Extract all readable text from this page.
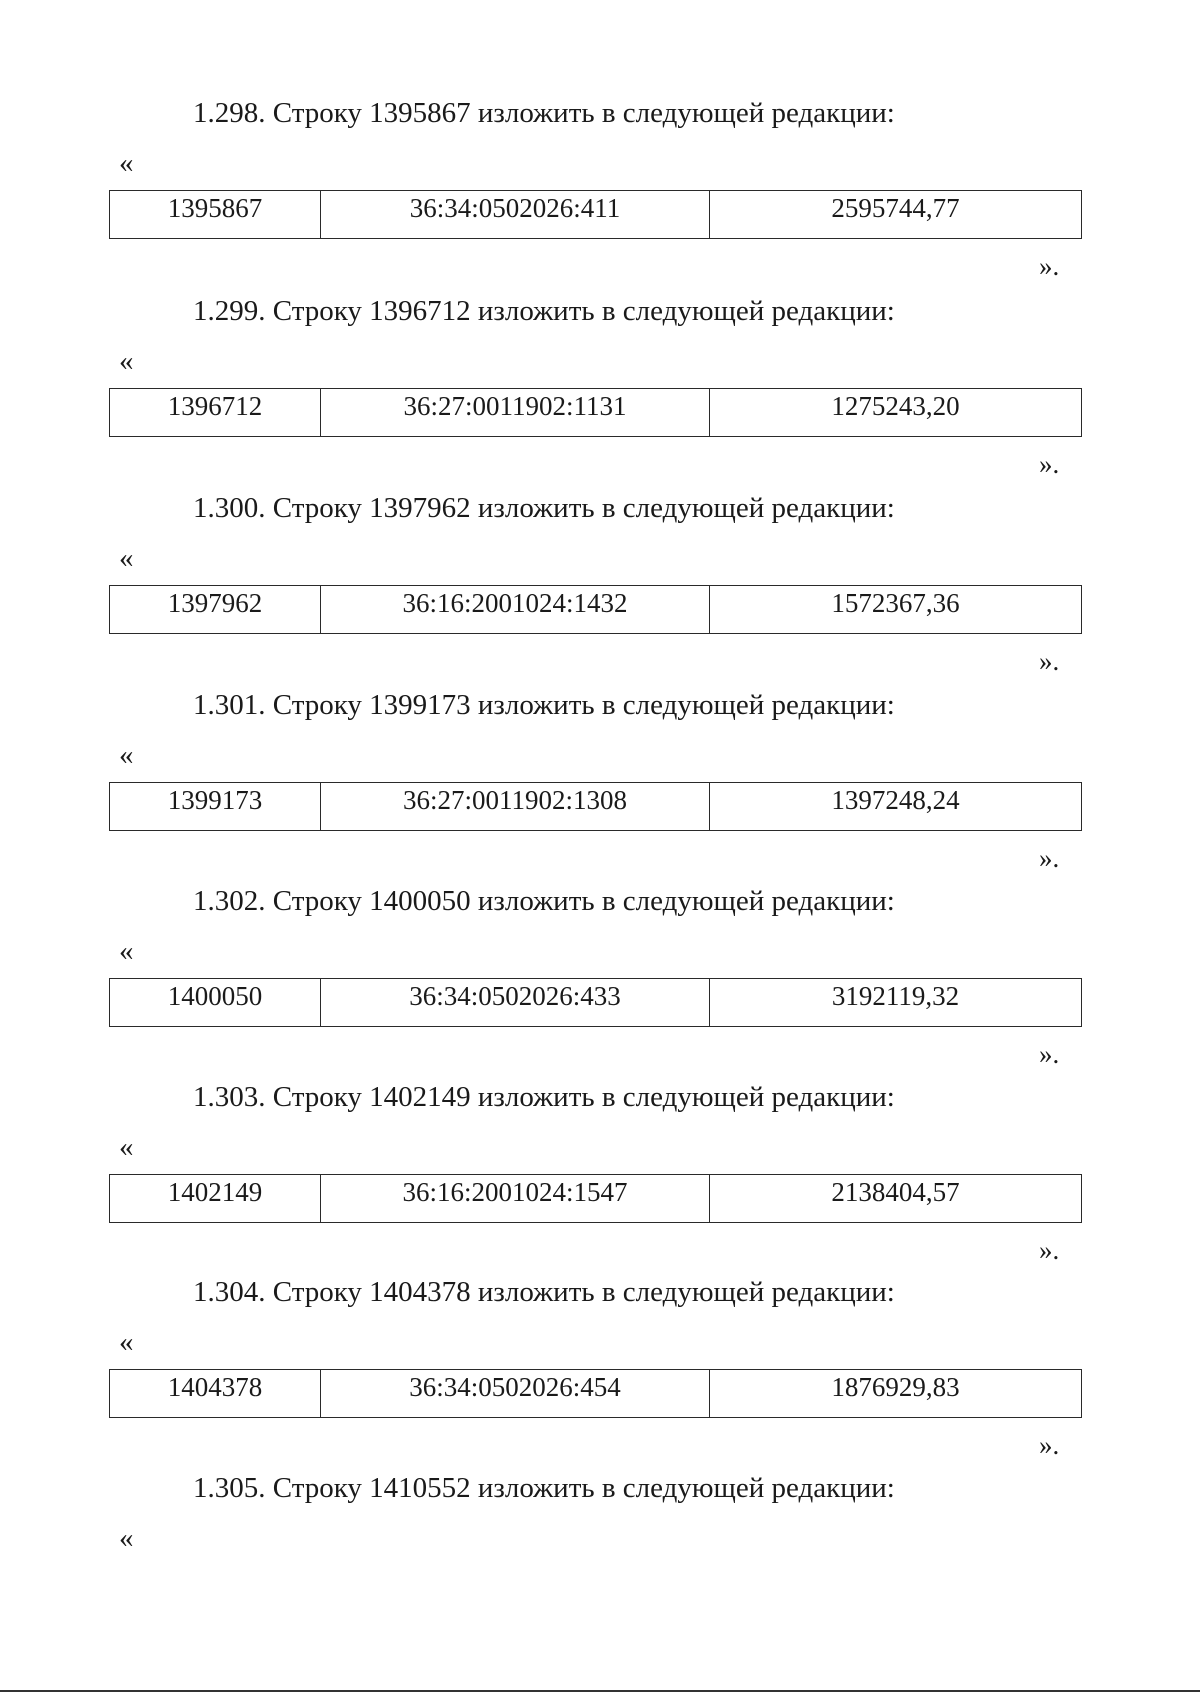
1.298. Строку 1395867 изложить в следующей редакции:
«
1395867	36:34:0502026:411	2595744,77
».
1.299. Строку 1396712 изложить в следующей редакции:
«
1396712	36:27:0011902:1131	1275243,20
».
1.300. Строку 1397962 изложить в следующей редакции:
«
1397962	36:16:2001024:1432	1572367,36
».
1.301. Строку 1399173 изложить в следующей редакции:
«
1399173	36:27:0011902:1308	1397248,24
».
1.302. Строку 1400050 изложить в следующей редакции:
«
1400050	36:34:0502026:433	3192119,32
».
1.303. Строку 1402149 изложить в следующей редакции:
«
1402149	36:16:2001024:1547	2138404,57
».
1.304. Строку 1404378 изложить в следующей редакции:
«
1404378	36:34:0502026:454	1876929,83
».
1.305. Строку 1410552 изложить в следующей редакции:
«
